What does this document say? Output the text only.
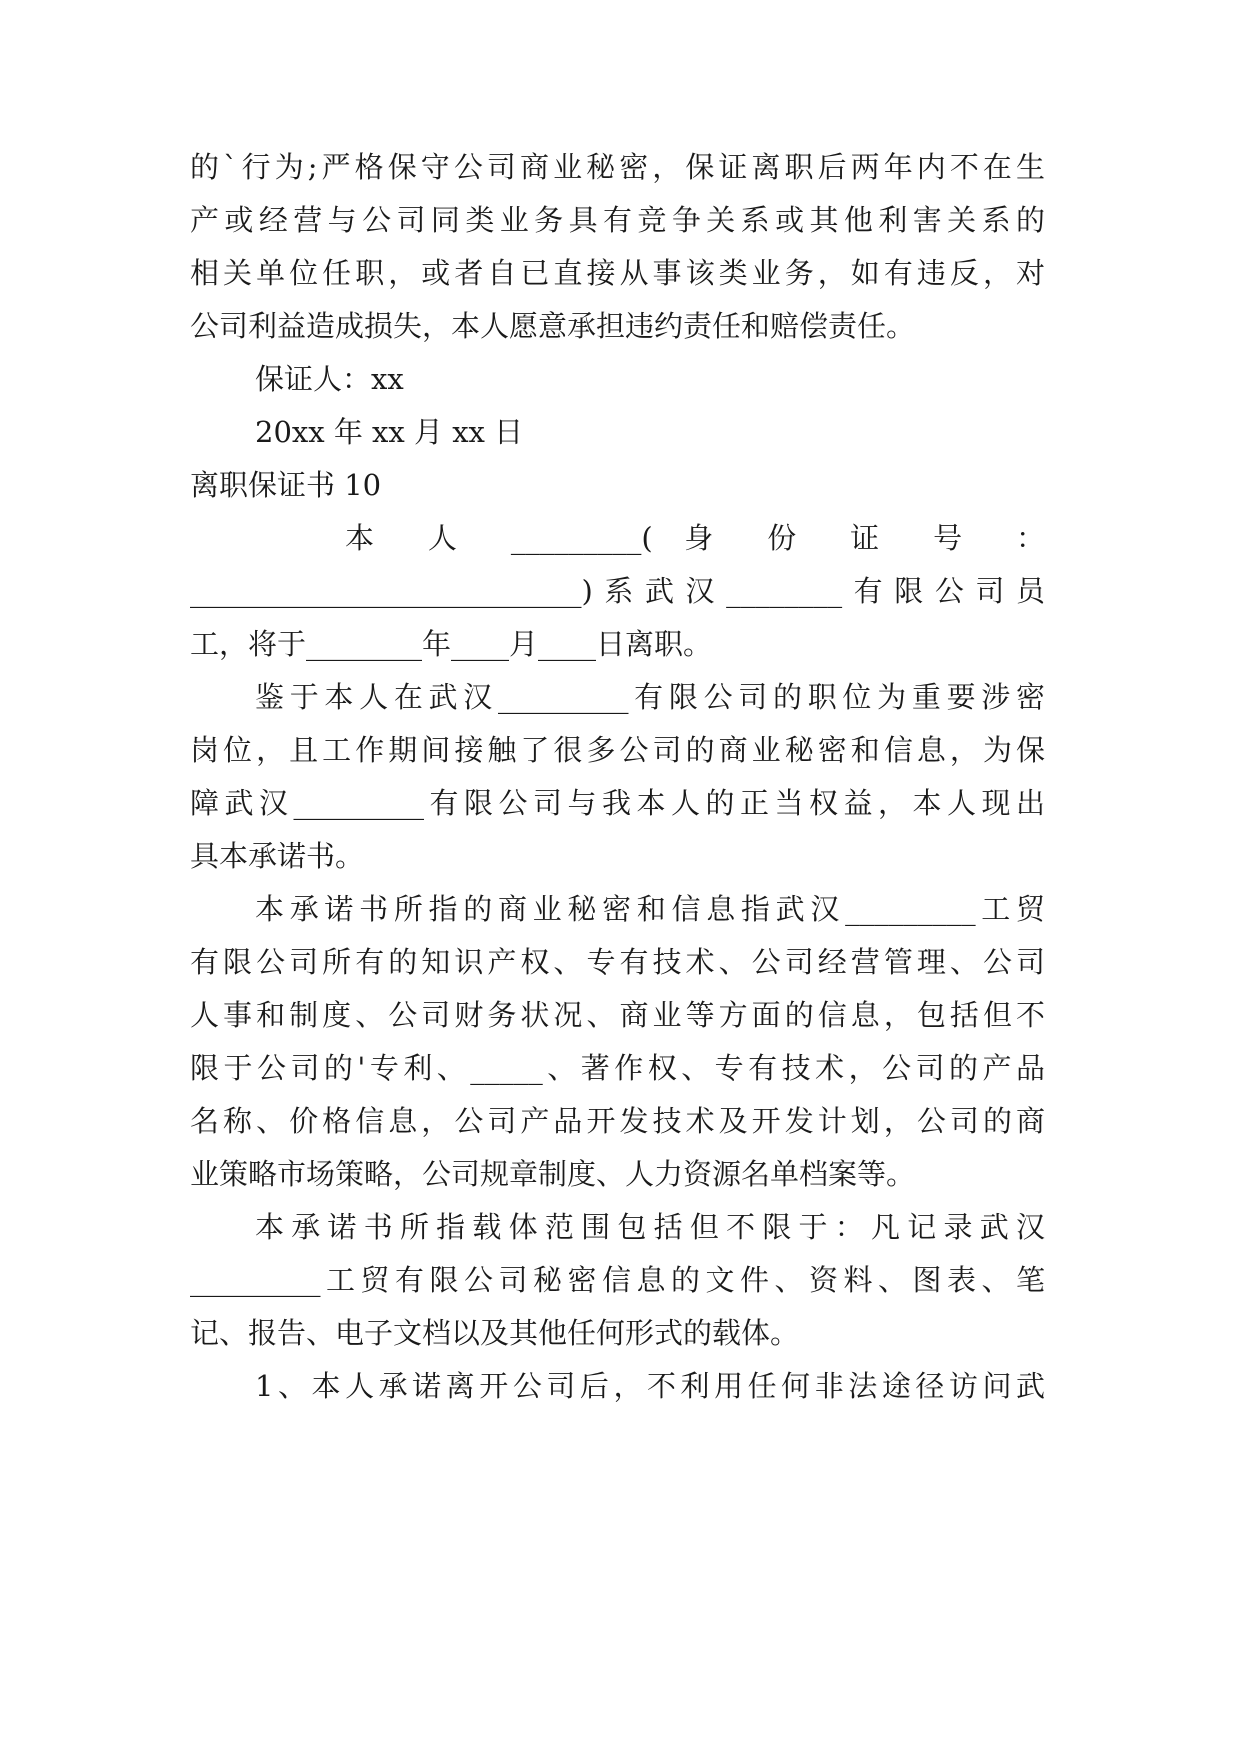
的`行为;严格保守公司商业秘密，保证离职后两年内不在生
产或经营与公司同类业务具有竞争关系或其他利害关系的
相关单位任职，或者自已直接从事该类业务，如有违反，对
公司利益造成损失，本人愿意承担违约责任和赔偿责任。
保证人：xx
20xx 年 xx 月 xx 日
离职保证书 10
本 人 _________( 身 份 证 号 ：
___________________________)系武汉________有限公司员
工，将于________年____月____日离职。
鉴于本人在武汉_________有限公司的职位为重要涉密
岗位，且工作期间接触了很多公司的商业秘密和信息，为保
障武汉_________有限公司与我本人的正当权益，本人现出
具本承诺书。
本承诺书所指的商业秘密和信息指武汉_________工贸
有限公司所有的知识产权、专有技术、公司经营管理、公司
人事和制度、公司财务状况、商业等方面的信息，包括但不
限于公司的'专利、_____、著作权、专有技术，公司的产品
名称、价格信息，公司产品开发技术及开发计划，公司的商
业策略市场策略，公司规章制度、人力资源名单档案等。
本承诺书所指载体范围包括但不限于：凡记录武汉
_________工贸有限公司秘密信息的文件、资料、图表、笔
记、报告、电子文档以及其他任何形式的载体。
1、本人承诺离开公司后，不利用任何非法途径访问武
